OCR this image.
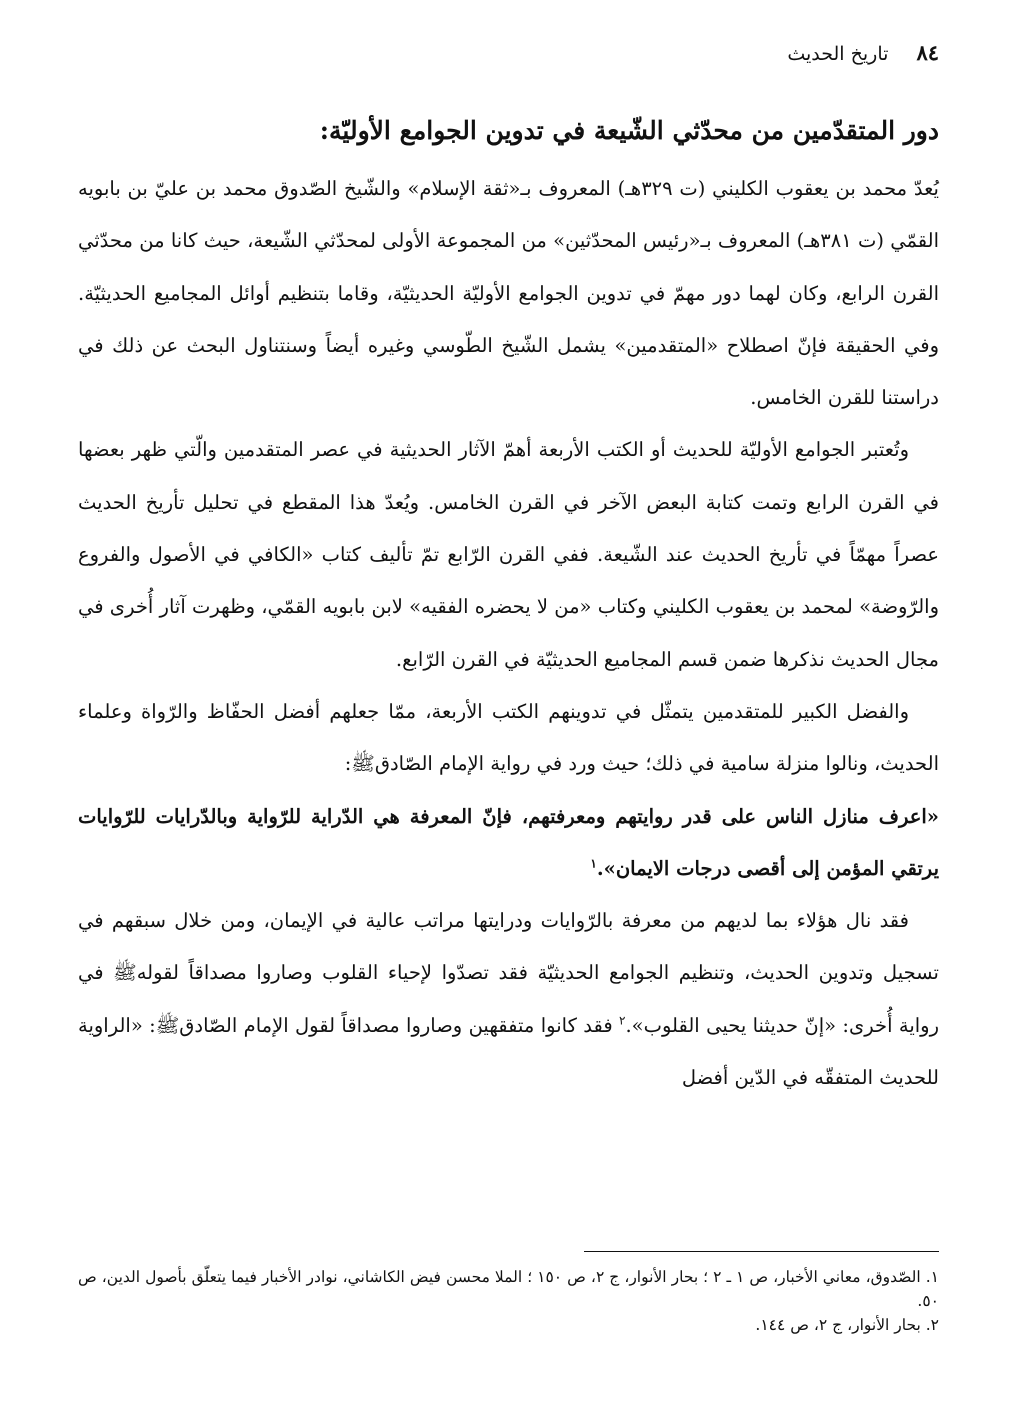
٨٤
تاريخ الحديث
دور المتقدّمين من محدّثي الشّيعة في تدوين الجوامع الأوليّة:

يُعدّ محمد بن يعقوب الكليني (ت ٣٢٩هـ) المعروف بـ«ثقة الإسلام» والشّيخ الصّدوق محمد بن عليّ بن بابويه القمّي (ت ٣٨١هـ) المعروف بـ«رئيس المحدّثين» من المجموعة الأولى لمحدّثي الشّيعة، حيث كانا من محدّثي القرن الرابع، وكان لهما دور مهمّ في تدوين الجوامع الأوليّة الحديثيّة، وقاما بتنظيم أوائل المجاميع الحديثيّة. وفي الحقيقة فإنّ اصطلاح «المتقدمين» يشمل الشّيخ الطّوسي وغيره أيضاً وسنتناول البحث عن ذلك في دراستنا للقرن الخامس.

وتُعتبر الجوامع الأوليّة للحديث أو الكتب الأربعة أهمّ الآثار الحديثية في عصر المتقدمين والّتي ظهر بعضها في القرن الرابع وتمت كتابة البعض الآخر في القرن الخامس. ويُعدّ هذا المقطع في تحليل تأريخ الحديث عصراً مهمّاً في تأريخ الحديث عند الشّيعة. ففي القرن الرّابع تمّ تأليف كتاب «الكافي في الأصول والفروع والرّوضة» لمحمد بن يعقوب الكليني وكتاب «من لا يحضره الفقيه» لابن بابويه القمّي، وظهرت آثار أُخرى في مجال الحديث نذكرها ضمن قسم المجاميع الحديثيّة في القرن الرّابع.

والفضل الكبير للمتقدمين يتمثّل في تدوينهم الكتب الأربعة، ممّا جعلهم أفضل الحفّاظ والرّواة وعلماء الحديث، ونالوا منزلة سامية في ذلك؛ حيث ورد في رواية الإمام الصّادقﷺ:

«اعرف منازل الناس على قدر روايتهم ومعرفتهم، فإنّ المعرفة هي الدّراية للرّواية وبالدّرايات للرّوايات يرتقي المؤمن إلى أقصى درجات الايمان».$^١$

فقد نال هؤلاء بما لديهم من معرفة بالرّوايات ودرايتها مراتب عالية في الإيمان، ومن خلال سبقهم في تسجيل وتدوين الحديث، وتنظيم الجوامع الحديثيّة فقد تصدّوا لإحياء القلوب وصاروا مصداقاً لقولهﷺ في رواية أُخرى: «إنّ حديثنا يحيى القلوب».$^٢$ فقد كانوا متفقهين وصاروا مصداقاً لقول الإمام الصّادقﷺ: «الراوية للحديث المتفقّه في الدّين أفضل

١. الصّدوق، معاني الأخبار، ص ١ ـ ٢ ؛ بحار الأنوار، ج ٢، ص ١٥٠ ؛ الملا محسن فيض الكاشاني، نوادر الأخبار فيما يتعلّق بأصول الدين، ص ٥٠.

٢. بحار الأنوار، ج ٢، ص ١٤٤.
